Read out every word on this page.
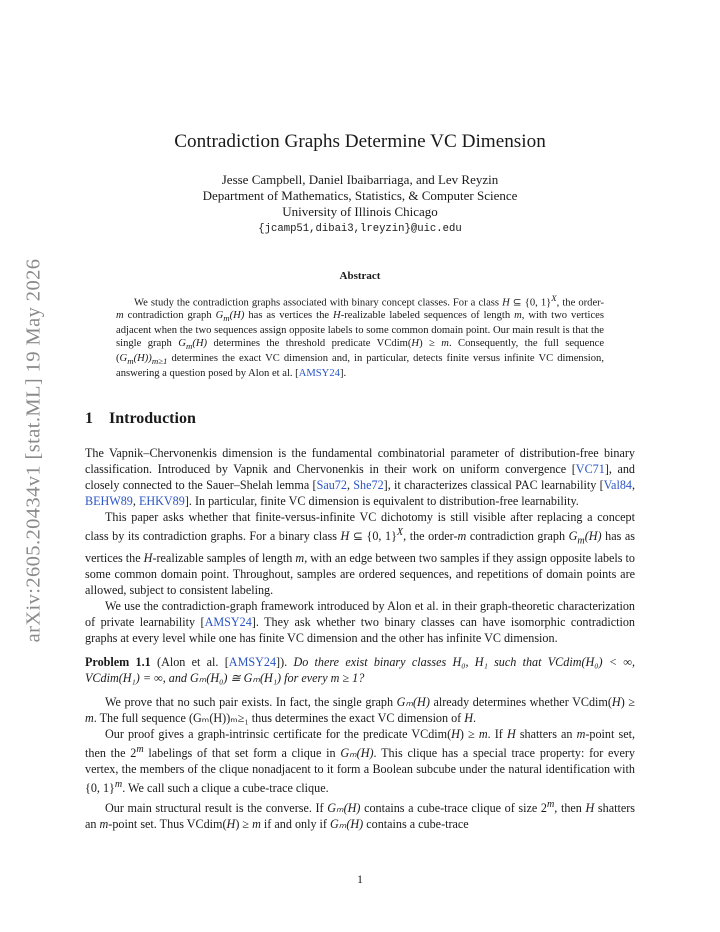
arXiv:2605.20434v1 [stat.ML] 19 May 2026
Contradiction Graphs Determine VC Dimension
Jesse Campbell, Daniel Ibaibarriaga, and Lev Reyzin
Department of Mathematics, Statistics, & Computer Science
University of Illinois Chicago
{jcamp51,dibai3,lreyzin}@uic.edu
Abstract

We study the contradiction graphs associated with binary concept classes. For a class H ⊆ {0, 1}$^X$, the order-m contradiction graph $G_m(H)$ has as vertices the H-realizable labeled sequences of length m, with two vertices adjacent when the two sequences assign opposite labels to some common domain point. Our main result is that the single graph $G_m(H)$ determines the threshold predicate VCdim(H) ≥ m. Consequently, the full sequence $(G_m(H))_{m\ge 1}$ determines the exact VC dimension and, in particular, detects finite versus infinite VC dimension, answering a question posed by Alon et al. [AMSY24].

1 Introduction

The Vapnik–Chervonenkis dimension is the fundamental combinatorial parameter of distribution-free binary classification. Introduced by Vapnik and Chervonenkis in their work on uniform convergence [VC71], and closely connected to the Sauer–Shelah lemma [Sau72, She72], it characterizes classical PAC learnability [Val84, BEHW89, EHKV89]. In particular, finite VC dimension is equivalent to distribution-free learnability.

This paper asks whether that finite-versus-infinite VC dichotomy is still visible after replacing a concept class by its contradiction graphs. For a binary class H ⊆ {0, 1}$^X$, the order-m contradiction graph $G_m(H)$ has as vertices the H-realizable samples of length m, with an edge between two samples if they assign opposite labels to some common domain point. Throughout, samples are ordered sequences, and repetitions of domain points are allowed, subject to consistent labeling.

We use the contradiction-graph framework introduced by Alon et al. in their graph-theoretic characterization of private learnability [AMSY24]. They ask whether two binary classes can have isomorphic contradiction graphs at every level while one has finite VC dimension and the other has infinite VC dimension.

Problem 1.1 (Alon et al. [AMSY24]). Do there exist binary classes H₀, H₁ such that VCdim(H₀) < ∞, VCdim(H₁) = ∞, and Gₘ(H₀) ≅ Gₘ(H₁) for every m ≥ 1?

We prove that no such pair exists. In fact, the single graph Gₘ(H) already determines whether VCdim(H) ≥ m. The full sequence (Gₘ(H))ₘ≥₁ thus determines the exact VC dimension of H.

Our proof gives a graph-intrinsic certificate for the predicate VCdim(H) ≥ m. If H shatters an m-point set, then the 2$^m$ labelings of that set form a clique in Gₘ(H). This clique has a special trace property: for every vertex, the members of the clique nonadjacent to it form a Boolean subcube under the natural identification with {0, 1}$^m$. We call such a clique a cube-trace clique.

Our main structural result is the converse. If Gₘ(H) contains a cube-trace clique of size 2$^m$, then H shatters an m-point set. Thus VCdim(H) ≥ m if and only if Gₘ(H) contains a cube-trace

1
